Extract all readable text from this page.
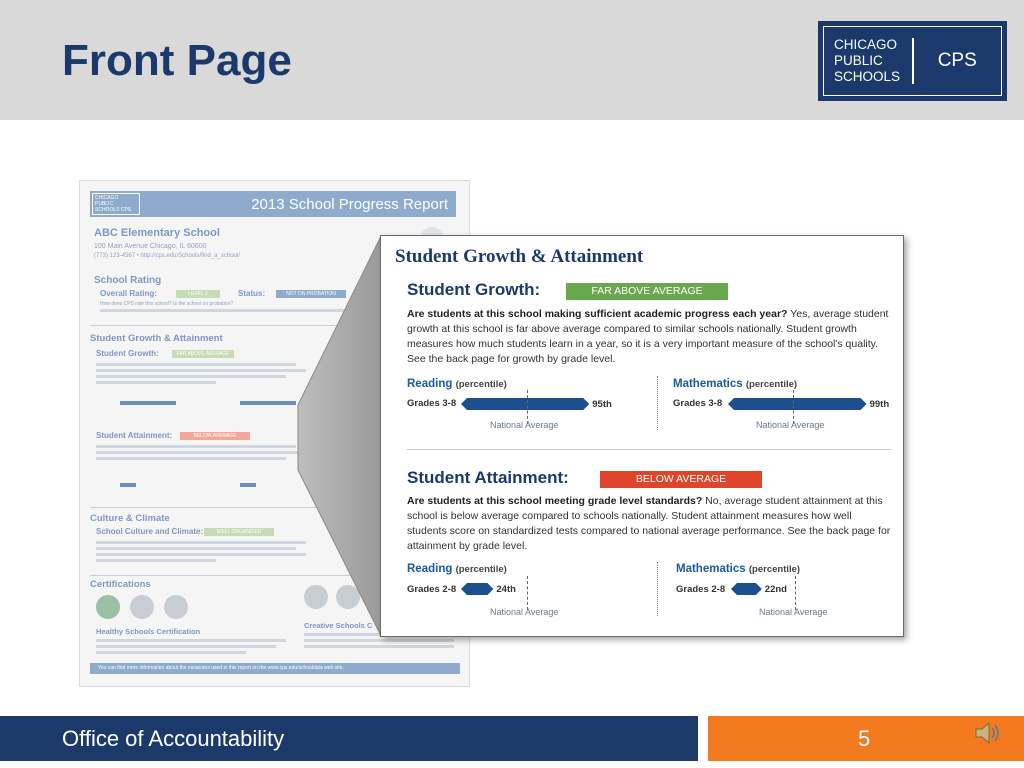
Front Page	CHICAGO
PUBLIC
SCHOOLS
CPS
CHICAGO PUBLIC SCHOOLS CPS	2013 School Progress Report
ABC Elementary School
100 Main Avenue Chicago, IL 60600
(773) 123-4567 • http://cps.edu/Schools/find_a_school/
School Rating
Overall Rating:	LEVEL 2	Status:	NOT ON PROBATION
How does CPS rate this school? Is the school on probation?
Student Growth & Attainment
Student Growth:	FAR ABOVE AVERAGE
Student Attainment:	BELOW AVERAGE
Culture & Climate
School Culture and Climate:	WELL ORGANIZED
Certifications
Healthy Schools Certification
Creative Schools C
You can find more information about the measures used in this report on the www.cps.edu/schooldata web site.
Student Growth & Attainment
Student Growth:	FAR ABOVE AVERAGE
Are students at this school making sufficient academic progress each year? Yes, average student growth at this school is far above average compared to similar schools nationally. Student growth measures how much students learn in a year, so it is a very important measure of the school's quality. See the back page for growth by grade level.
Reading (percentile)
Grades 3-8	95th
National Average
Mathematics (percentile)
Grades 3-8	99th
National Average
Student Attainment:	BELOW AVERAGE
Are students at this school meeting grade level standards? No, average student attainment at this school is below average compared to schools nationally. Student attainment measures how well students score on standardized tests compared to national average performance. See the back page for attainment by grade level.
Reading (percentile)
Grades 2-8	24th
National Average
Mathematics (percentile)
Grades 2-8	22nd
National Average
Office of Accountability	5
